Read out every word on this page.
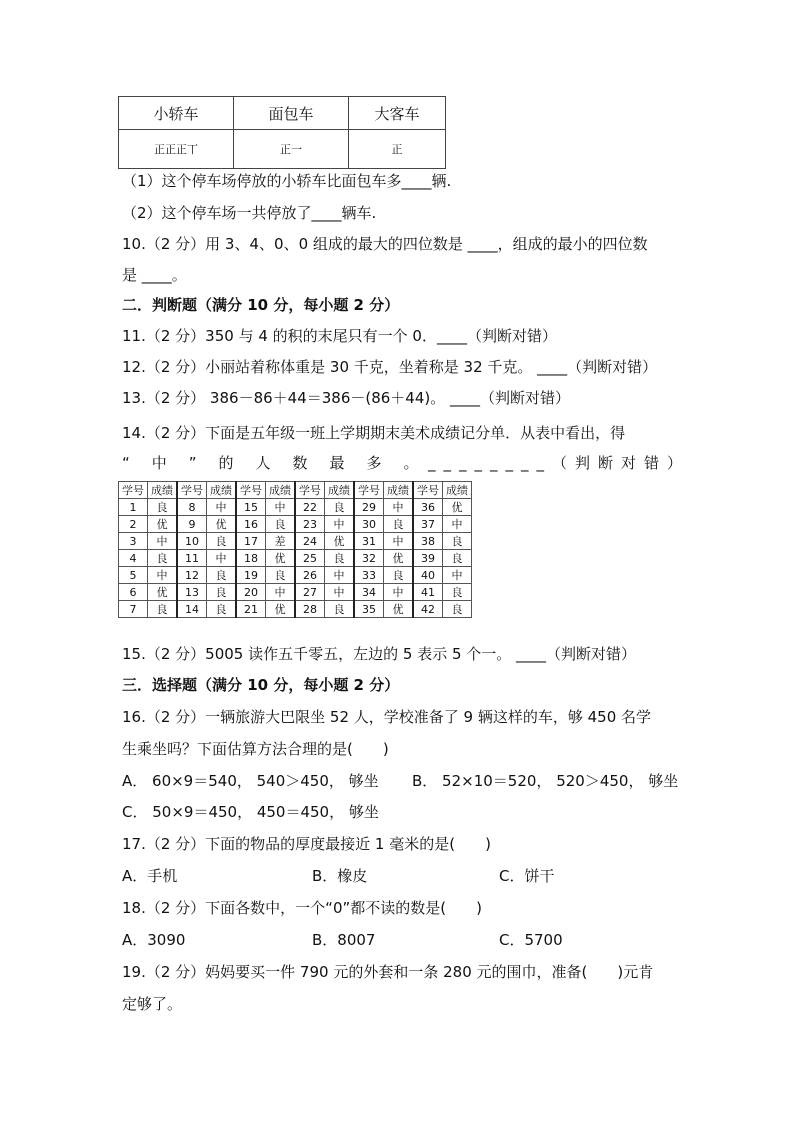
小轿车	面包车	大客车
正正正丅	正一	正
（1）这个停车场停放的小轿车比面包车多____辆.
（2）这个停车场一共停放了____辆车.
10.（2 分）用 3、4、0、0 组成的最大的四位数是 ____，组成的最小的四位数
是 ____。
二．判断题（满分 10 分，每小题 2 分）
11.（2 分）350 与 4 的积的末尾只有一个 0．____（判断对错）
12.（2 分）小丽站着称体重是 30 千克，坐着称是 32 千克。 ____（判断对错）
13.（2 分） 386－86＋44＝386－(86＋44)。 ____（判断对错）
14.（2 分）下面是五年级一班上学期期末美术成绩记分单．从表中看出，得
“中”的人数最多。
________（判断对错）
学号	成绩	学号	成绩	学号	成绩	学号	成绩	学号	成绩	学号	成绩
1	良	8	中	15	中	22	良	29	中	36	优
2	优	9	优	16	良	23	中	30	良	37	中
3	中	10	良	17	差	24	优	31	中	38	良
4	良	11	中	18	优	25	良	32	优	39	良
5	中	12	良	19	良	26	中	33	良	40	中
6	优	13	良	20	中	27	中	34	中	41	良
7	良	14	良	21	优	28	良	35	优	42	良
15.（2 分）5005 读作五千零五，左边的 5 表示 5 个一。 ____（判断对错）
三．选择题（满分 10 分，每小题 2 分）
16.（2 分）一辆旅游大巴限坐 52 人，学校准备了 9 辆这样的车，够 450 名学
生乘坐吗？下面估算方法合理的是(　　)
A． 60×9＝540， 540＞450， 够坐 B． 52×10＝520， 520＞450， 够坐
C． 50×9＝450， 450＝450， 够坐
17.（2 分）下面的物品的厚度最接近 1 毫米的是(　　)
A．手机	B．橡皮	C．饼干
18.（2 分）下面各数中，一个“0”都不读的数是(　　)
A．3090	B．8007	C．5700
19.（2 分）妈妈要买一件 790 元的外套和一条 280 元的围巾，准备(　　)元肯
定够了。
